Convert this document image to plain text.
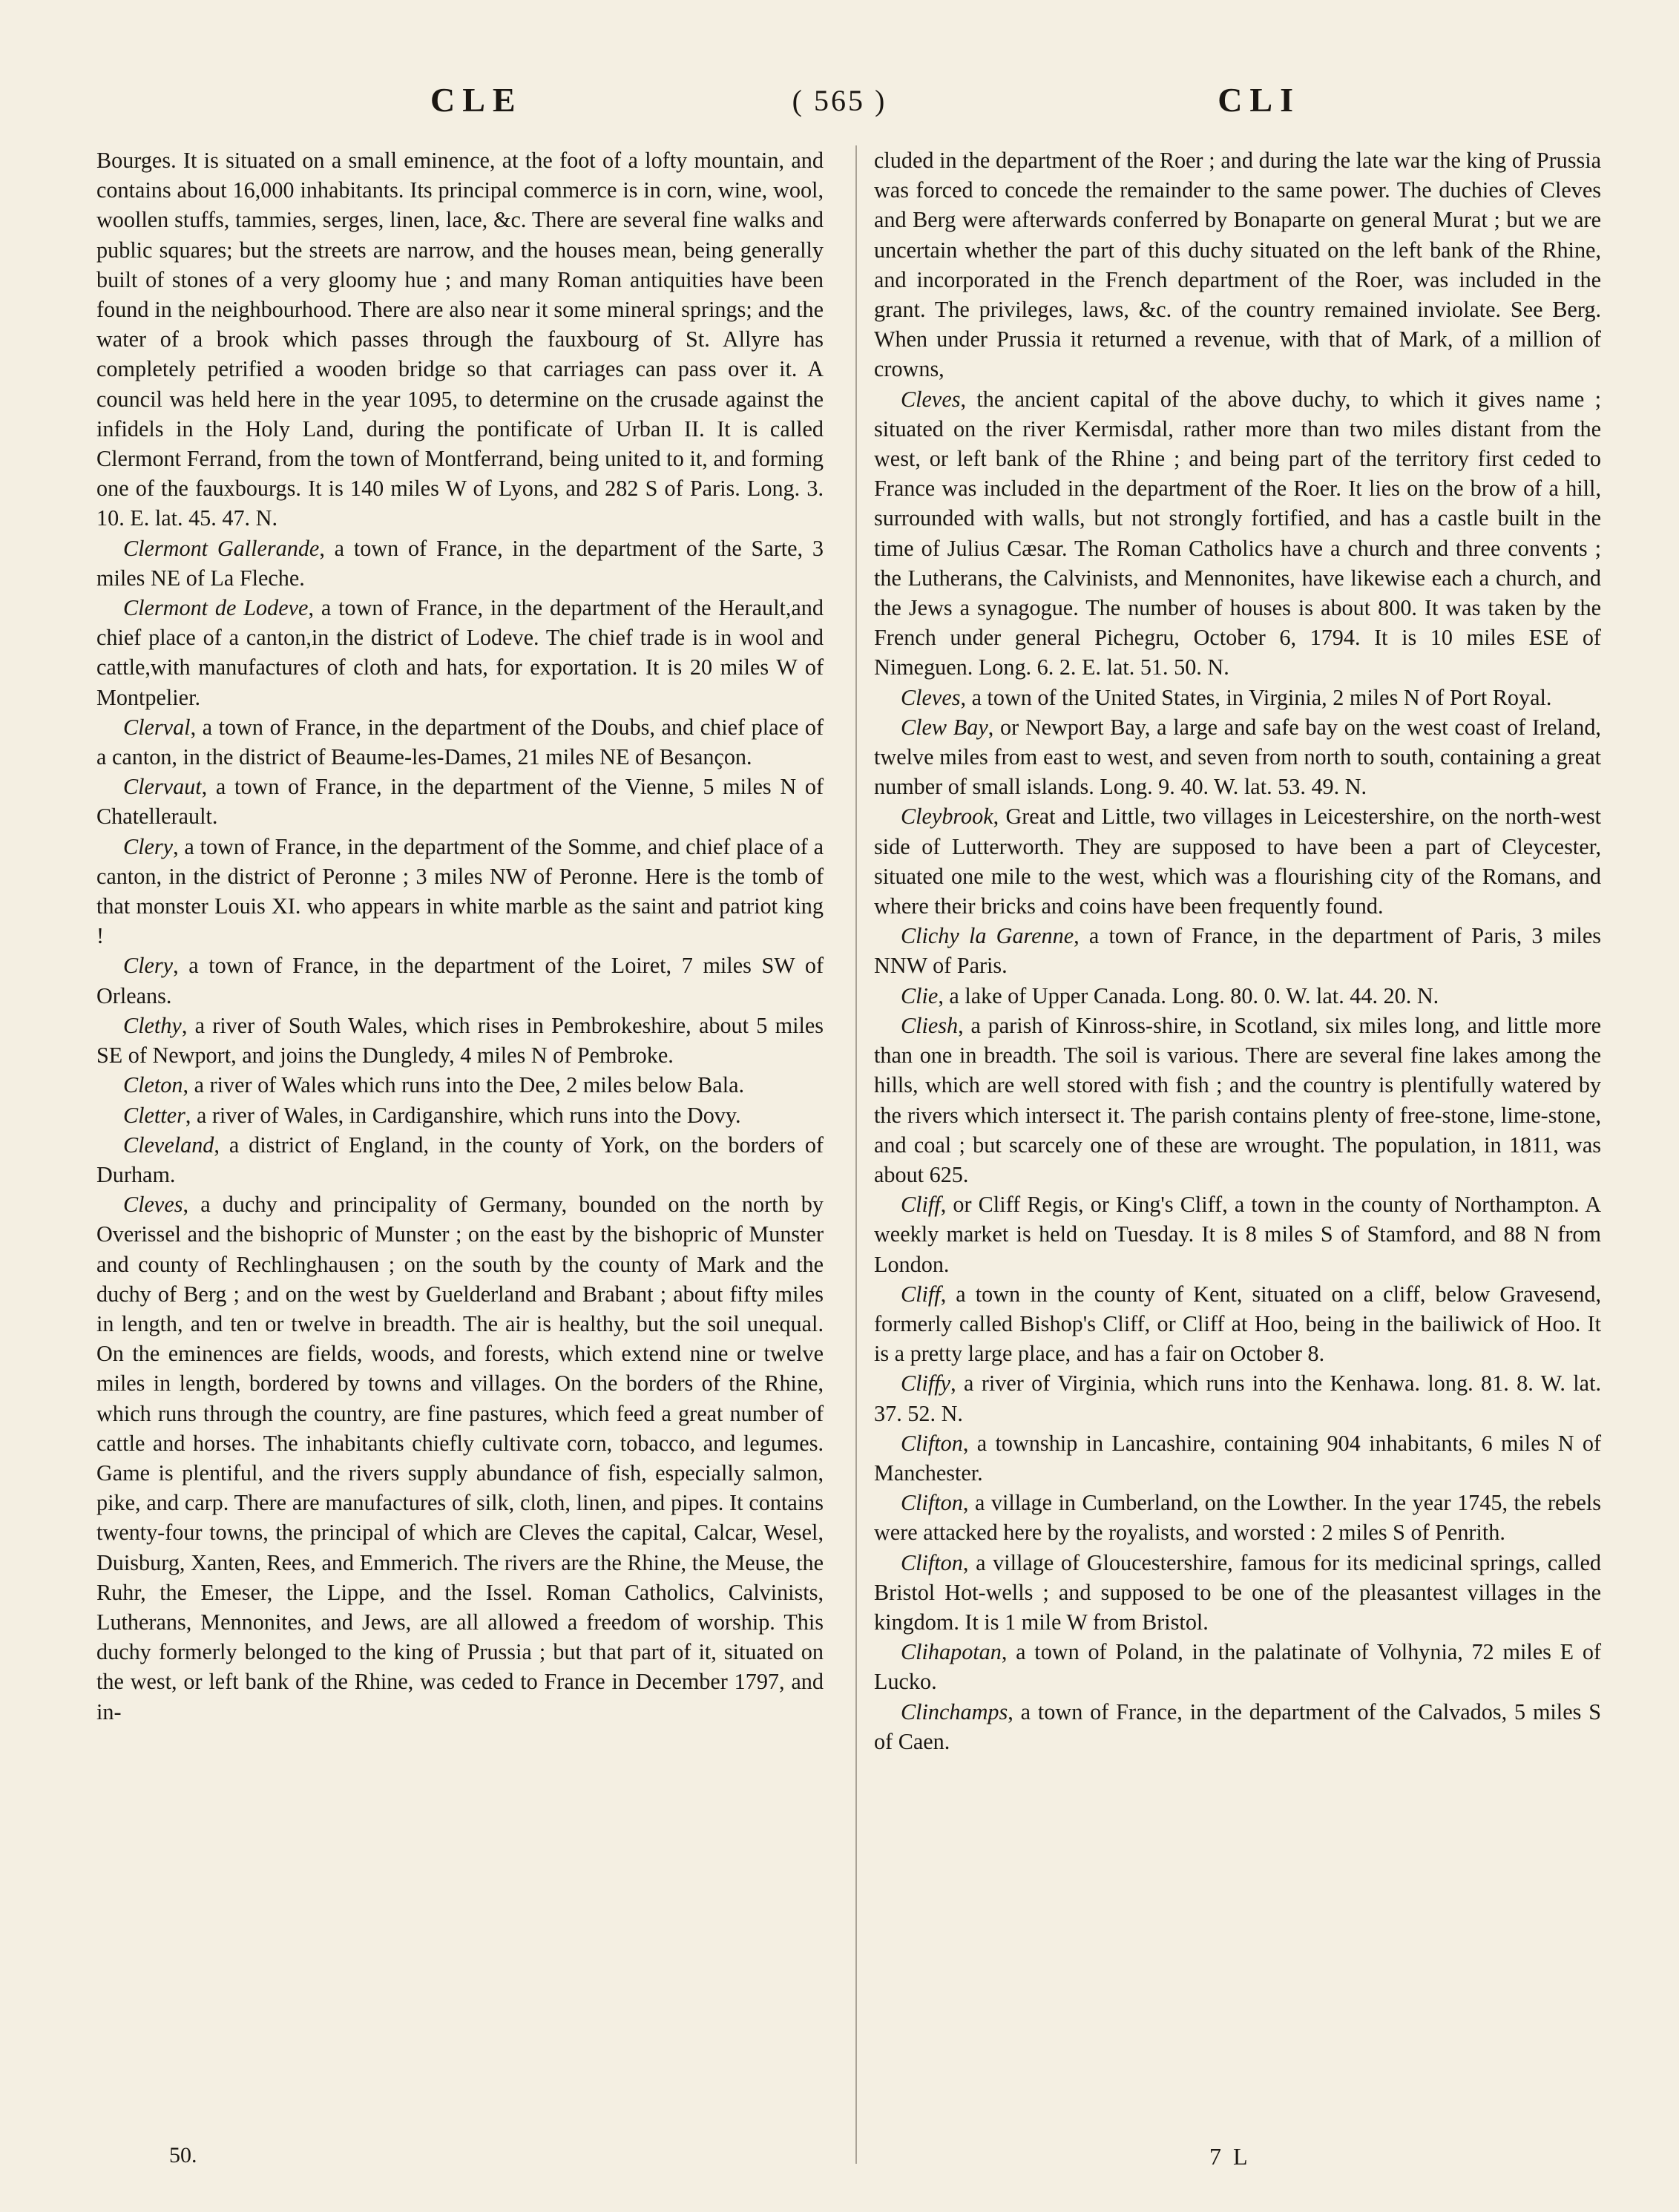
CLE	( 565 )	CLI

Bourges. It is situated on a small eminence, at the foot of a lofty mountain, and contains about 16,000 inhabitants. Its principal commerce is in corn, wine, wool, woollen stuffs, tammies, serges, linen, lace, &c. There are several fine walks and public squares; but the streets are narrow, and the houses mean, being generally built of stones of a very gloomy hue ; and many Roman antiquities have been found in the neighbourhood. There are also near it some mineral springs; and the water of a brook which passes through the fauxbourg of St. Allyre has completely petrified a wooden bridge so that carriages can pass over it. A council was held here in the year 1095, to determine on the crusade against the infidels in the Holy Land, during the pontificate of Urban II. It is called Clermont Ferrand, from the town of Montferrand, being united to it, and forming one of the fauxbourgs. It is 140 miles W of Lyons, and 282 S of Paris. Long. 3. 10. E. lat. 45. 47. N.

Clermont Gallerande, a town of France, in the department of the Sarte, 3 miles NE of La Fleche.

Clermont de Lodeve, a town of France, in the department of the Herault,and chief place of a canton,in the district of Lodeve. The chief trade is in wool and cattle,with manufactures of cloth and hats, for exportation. It is 20 miles W of Montpelier.

Clerval, a town of France, in the department of the Doubs, and chief place of a canton, in the district of Beaume-les-Dames, 21 miles NE of Besançon.

Clervaut, a town of France, in the department of the Vienne, 5 miles N of Chatellerault.

Clery, a town of France, in the department of the Somme, and chief place of a canton, in the district of Peronne ; 3 miles NW of Peronne. Here is the tomb of that monster Louis XI. who appears in white marble as the saint and patriot king !

Clery, a town of France, in the department of the Loiret, 7 miles SW of Orleans.

Clethy, a river of South Wales, which rises in Pembrokeshire, about 5 miles SE of Newport, and joins the Dungledy, 4 miles N of Pembroke.

Cleton, a river of Wales which runs into the Dee, 2 miles below Bala.

Cletter, a river of Wales, in Cardiganshire, which runs into the Dovy.

Cleveland, a district of England, in the county of York, on the borders of Durham.

Cleves, a duchy and principality of Germany, bounded on the north by Overissel and the bishopric of Munster ; on the east by the bishopric of Munster and county of Rechlinghausen ; on the south by the county of Mark and the duchy of Berg ; and on the west by Guelderland and Brabant ; about fifty miles in length, and ten or twelve in breadth. The air is healthy, but the soil unequal. On the eminences are fields, woods, and forests, which extend nine or twelve miles in length, bordered by towns and villages. On the borders of the Rhine, which runs through the country, are fine pastures, which feed a great number of cattle and horses. The inhabitants chiefly cultivate corn, tobacco, and legumes. Game is plentiful, and the rivers supply abundance of fish, especially salmon, pike, and carp. There are manufactures of silk, cloth, linen, and pipes. It contains twenty-four towns, the principal of which are Cleves the capital, Calcar, Wesel, Duisburg, Xanten, Rees, and Emmerich. The rivers are the Rhine, the Meuse, the Ruhr, the Emeser, the Lippe, and the Issel. Roman Catholics, Calvinists, Lutherans, Mennonites, and Jews, are all allowed a freedom of worship. This duchy formerly belonged to the king of Prussia ; but that part of it, situated on the west, or left bank of the Rhine, was ceded to France in December 1797, and in-

cluded in the department of the Roer ; and during the late war the king of Prussia was forced to concede the remainder to the same power. The duchies of Cleves and Berg were afterwards conferred by Bonaparte on general Murat ; but we are uncertain whether the part of this duchy situated on the left bank of the Rhine, and incorporated in the French department of the Roer, was included in the grant. The privileges, laws, &c. of the country remained inviolate. See Berg. When under Prussia it returned a revenue, with that of Mark, of a million of crowns,

Cleves, the ancient capital of the above duchy, to which it gives name ; situated on the river Kermisdal, rather more than two miles distant from the west, or left bank of the Rhine ; and being part of the territory first ceded to France was included in the department of the Roer. It lies on the brow of a hill, surrounded with walls, but not strongly fortified, and has a castle built in the time of Julius Cæsar. The Roman Catholics have a church and three convents ; the Lutherans, the Calvinists, and Mennonites, have likewise each a church, and the Jews a synagogue. The number of houses is about 800. It was taken by the French under general Pichegru, October 6, 1794. It is 10 miles ESE of Nimeguen. Long. 6. 2. E. lat. 51. 50. N.

Cleves, a town of the United States, in Virginia, 2 miles N of Port Royal.

Clew Bay, or Newport Bay, a large and safe bay on the west coast of Ireland, twelve miles from east to west, and seven from north to south, containing a great number of small islands. Long. 9. 40. W. lat. 53. 49. N.

Cleybrook, Great and Little, two villages in Leicestershire, on the north-west side of Lutterworth. They are supposed to have been a part of Cleycester, situated one mile to the west, which was a flourishing city of the Romans, and where their bricks and coins have been frequently found.

Clichy la Garenne, a town of France, in the department of Paris, 3 miles NNW of Paris.

Clie, a lake of Upper Canada. Long. 80. 0. W. lat. 44. 20. N.

Cliesh, a parish of Kinross-shire, in Scotland, six miles long, and little more than one in breadth. The soil is various. There are several fine lakes among the hills, which are well stored with fish ; and the country is plentifully watered by the rivers which intersect it. The parish contains plenty of free-stone, lime-stone, and coal ; but scarcely one of these are wrought. The population, in 1811, was about 625.

Cliff, or Cliff Regis, or King's Cliff, a town in the county of Northampton. A weekly market is held on Tuesday. It is 8 miles S of Stamford, and 88 N from London.

Cliff, a town in the county of Kent, situated on a cliff, below Gravesend, formerly called Bishop's Cliff, or Cliff at Hoo, being in the bailiwick of Hoo. It is a pretty large place, and has a fair on October 8.

Cliffy, a river of Virginia, which runs into the Kenhawa. long. 81. 8. W. lat. 37. 52. N.

Clifton, a township in Lancashire, containing 904 inhabitants, 6 miles N of Manchester.

Clifton, a village in Cumberland, on the Lowther. In the year 1745, the rebels were attacked here by the royalists, and worsted : 2 miles S of Penrith.

Clifton, a village of Gloucestershire, famous for its medicinal springs, called Bristol Hot-wells ; and supposed to be one of the pleasantest villages in the kingdom. It is 1 mile W from Bristol.

Clihapotan, a town of Poland, in the palatinate of Volhynia, 72 miles E of Lucko.

Clinchamps, a town of France, in the department of the Calvados, 5 miles S of Caen.

50.	7 L
